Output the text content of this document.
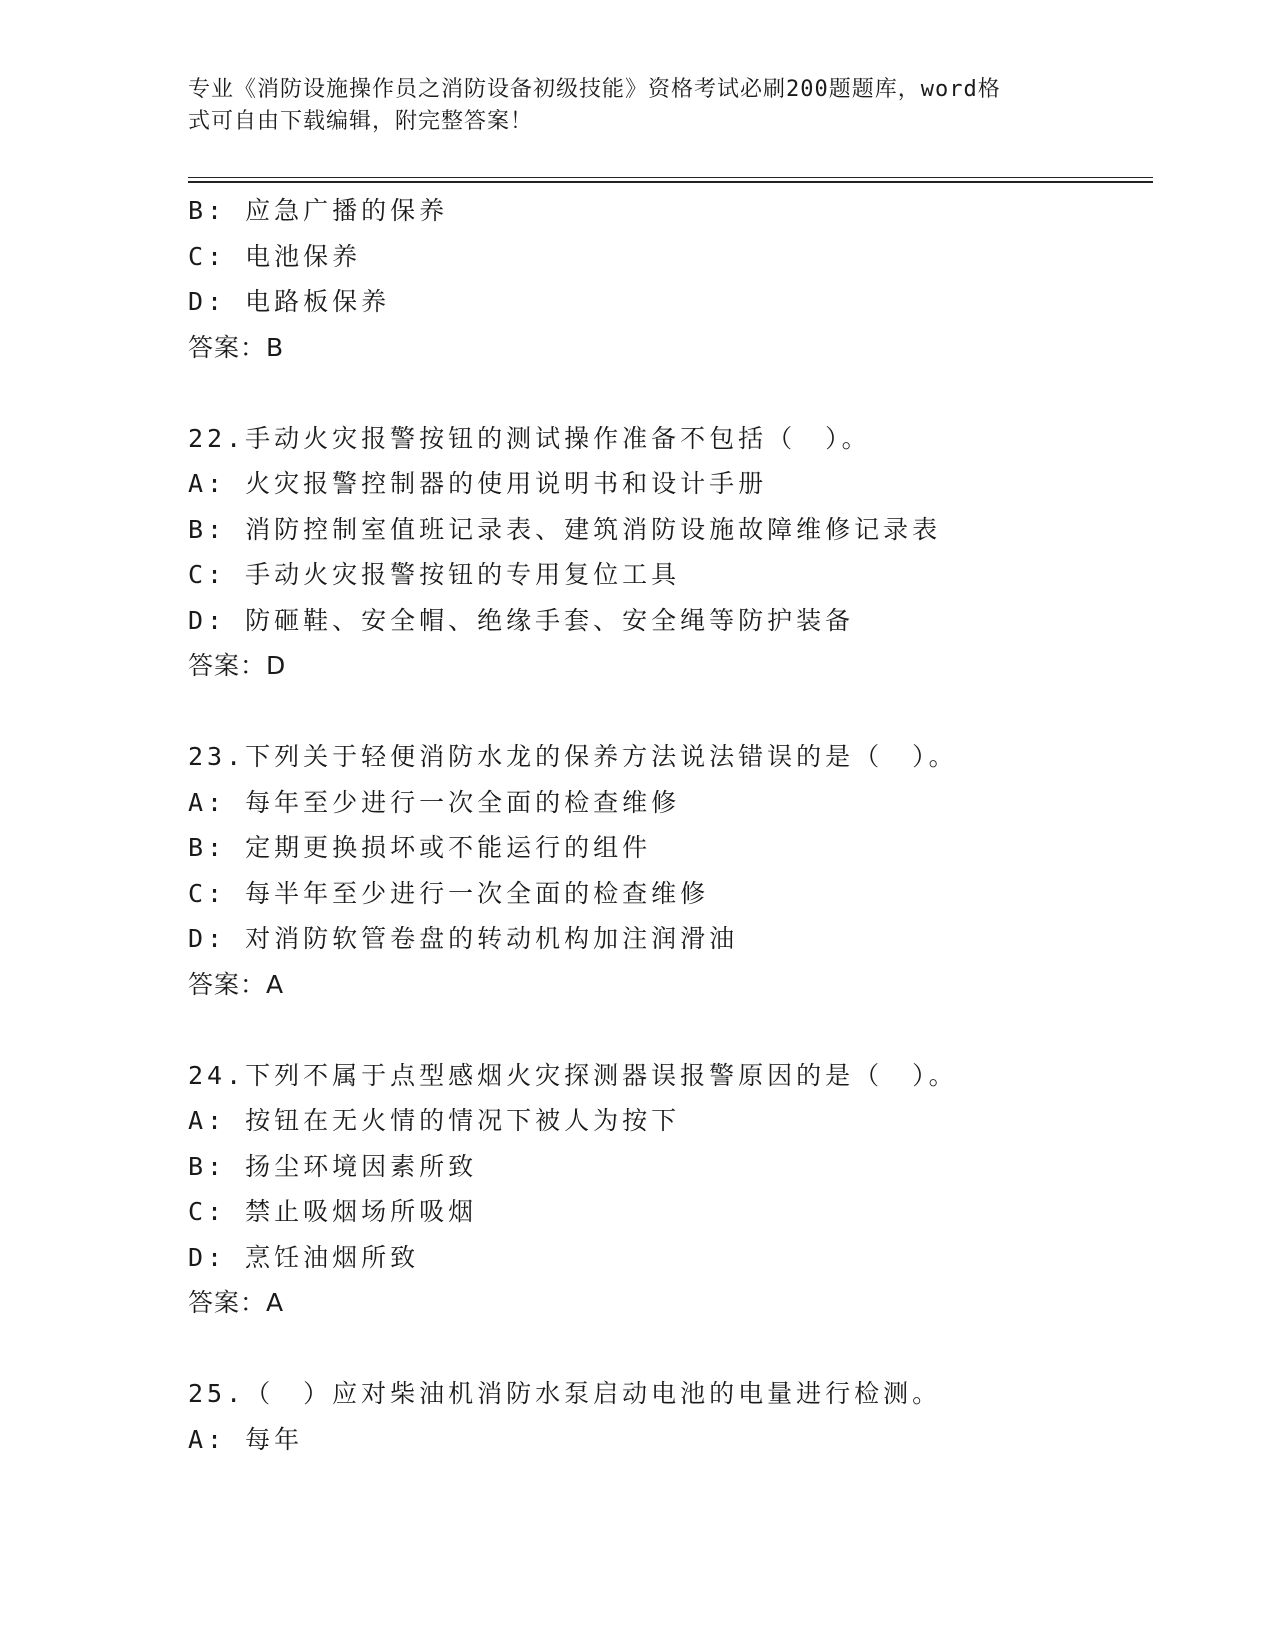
专业《消防设施操作员之消防设备初级技能》资格考试必刷200题题库，word格
式可自由下载编辑，附完整答案！
B: 应急广播的保养
C: 电池保养
D: 电路板保养
答案：B
22.手动火灾报警按钮的测试操作准备不包括（　）。
A: 火灾报警控制器的使用说明书和设计手册
B: 消防控制室值班记录表、建筑消防设施故障维修记录表
C: 手动火灾报警按钮的专用复位工具
D: 防砸鞋、安全帽、绝缘手套、安全绳等防护装备
答案：D
23.下列关于轻便消防水龙的保养方法说法错误的是（　）。
A: 每年至少进行一次全面的检查维修
B: 定期更换损坏或不能运行的组件
C: 每半年至少进行一次全面的检查维修
D: 对消防软管卷盘的转动机构加注润滑油
答案：A
24.下列不属于点型感烟火灾探测器误报警原因的是（　）。
A: 按钮在无火情的情况下被人为按下
B: 扬尘环境因素所致
C: 禁止吸烟场所吸烟
D: 烹饪油烟所致
答案：A
25.（　）应对柴油机消防水泵启动电池的电量进行检测。
A: 每年
